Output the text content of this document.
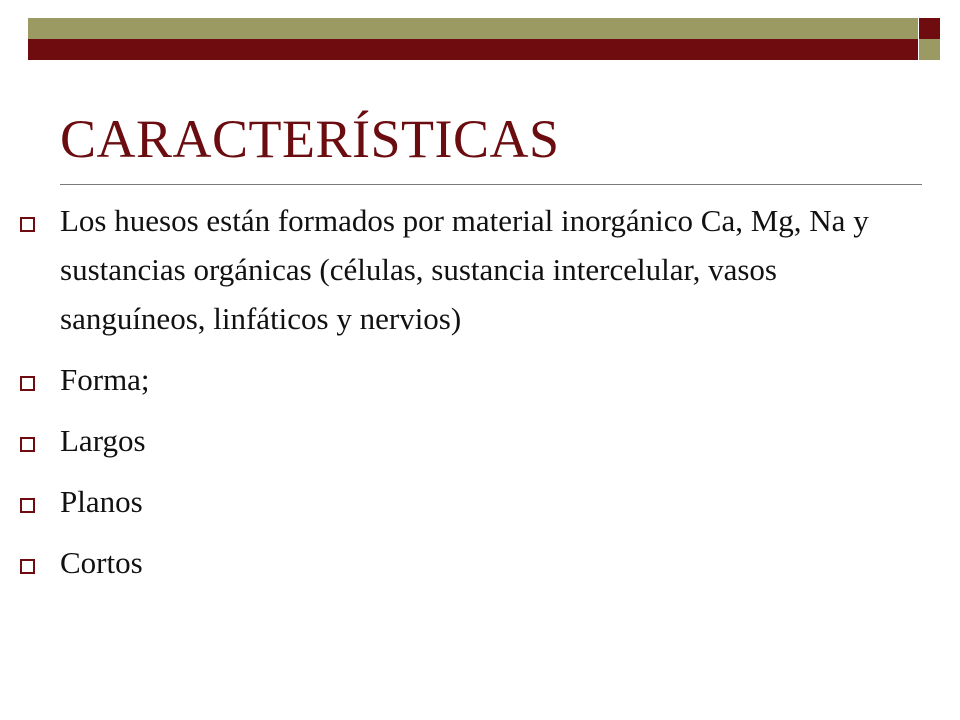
CARACTERÍSTICAS
Los huesos están formados por material inorgánico Ca, Mg, Na y sustancias orgánicas (células, sustancia intercelular, vasos sanguíneos, linfáticos y nervios)
Forma;
Largos
Planos
Cortos
